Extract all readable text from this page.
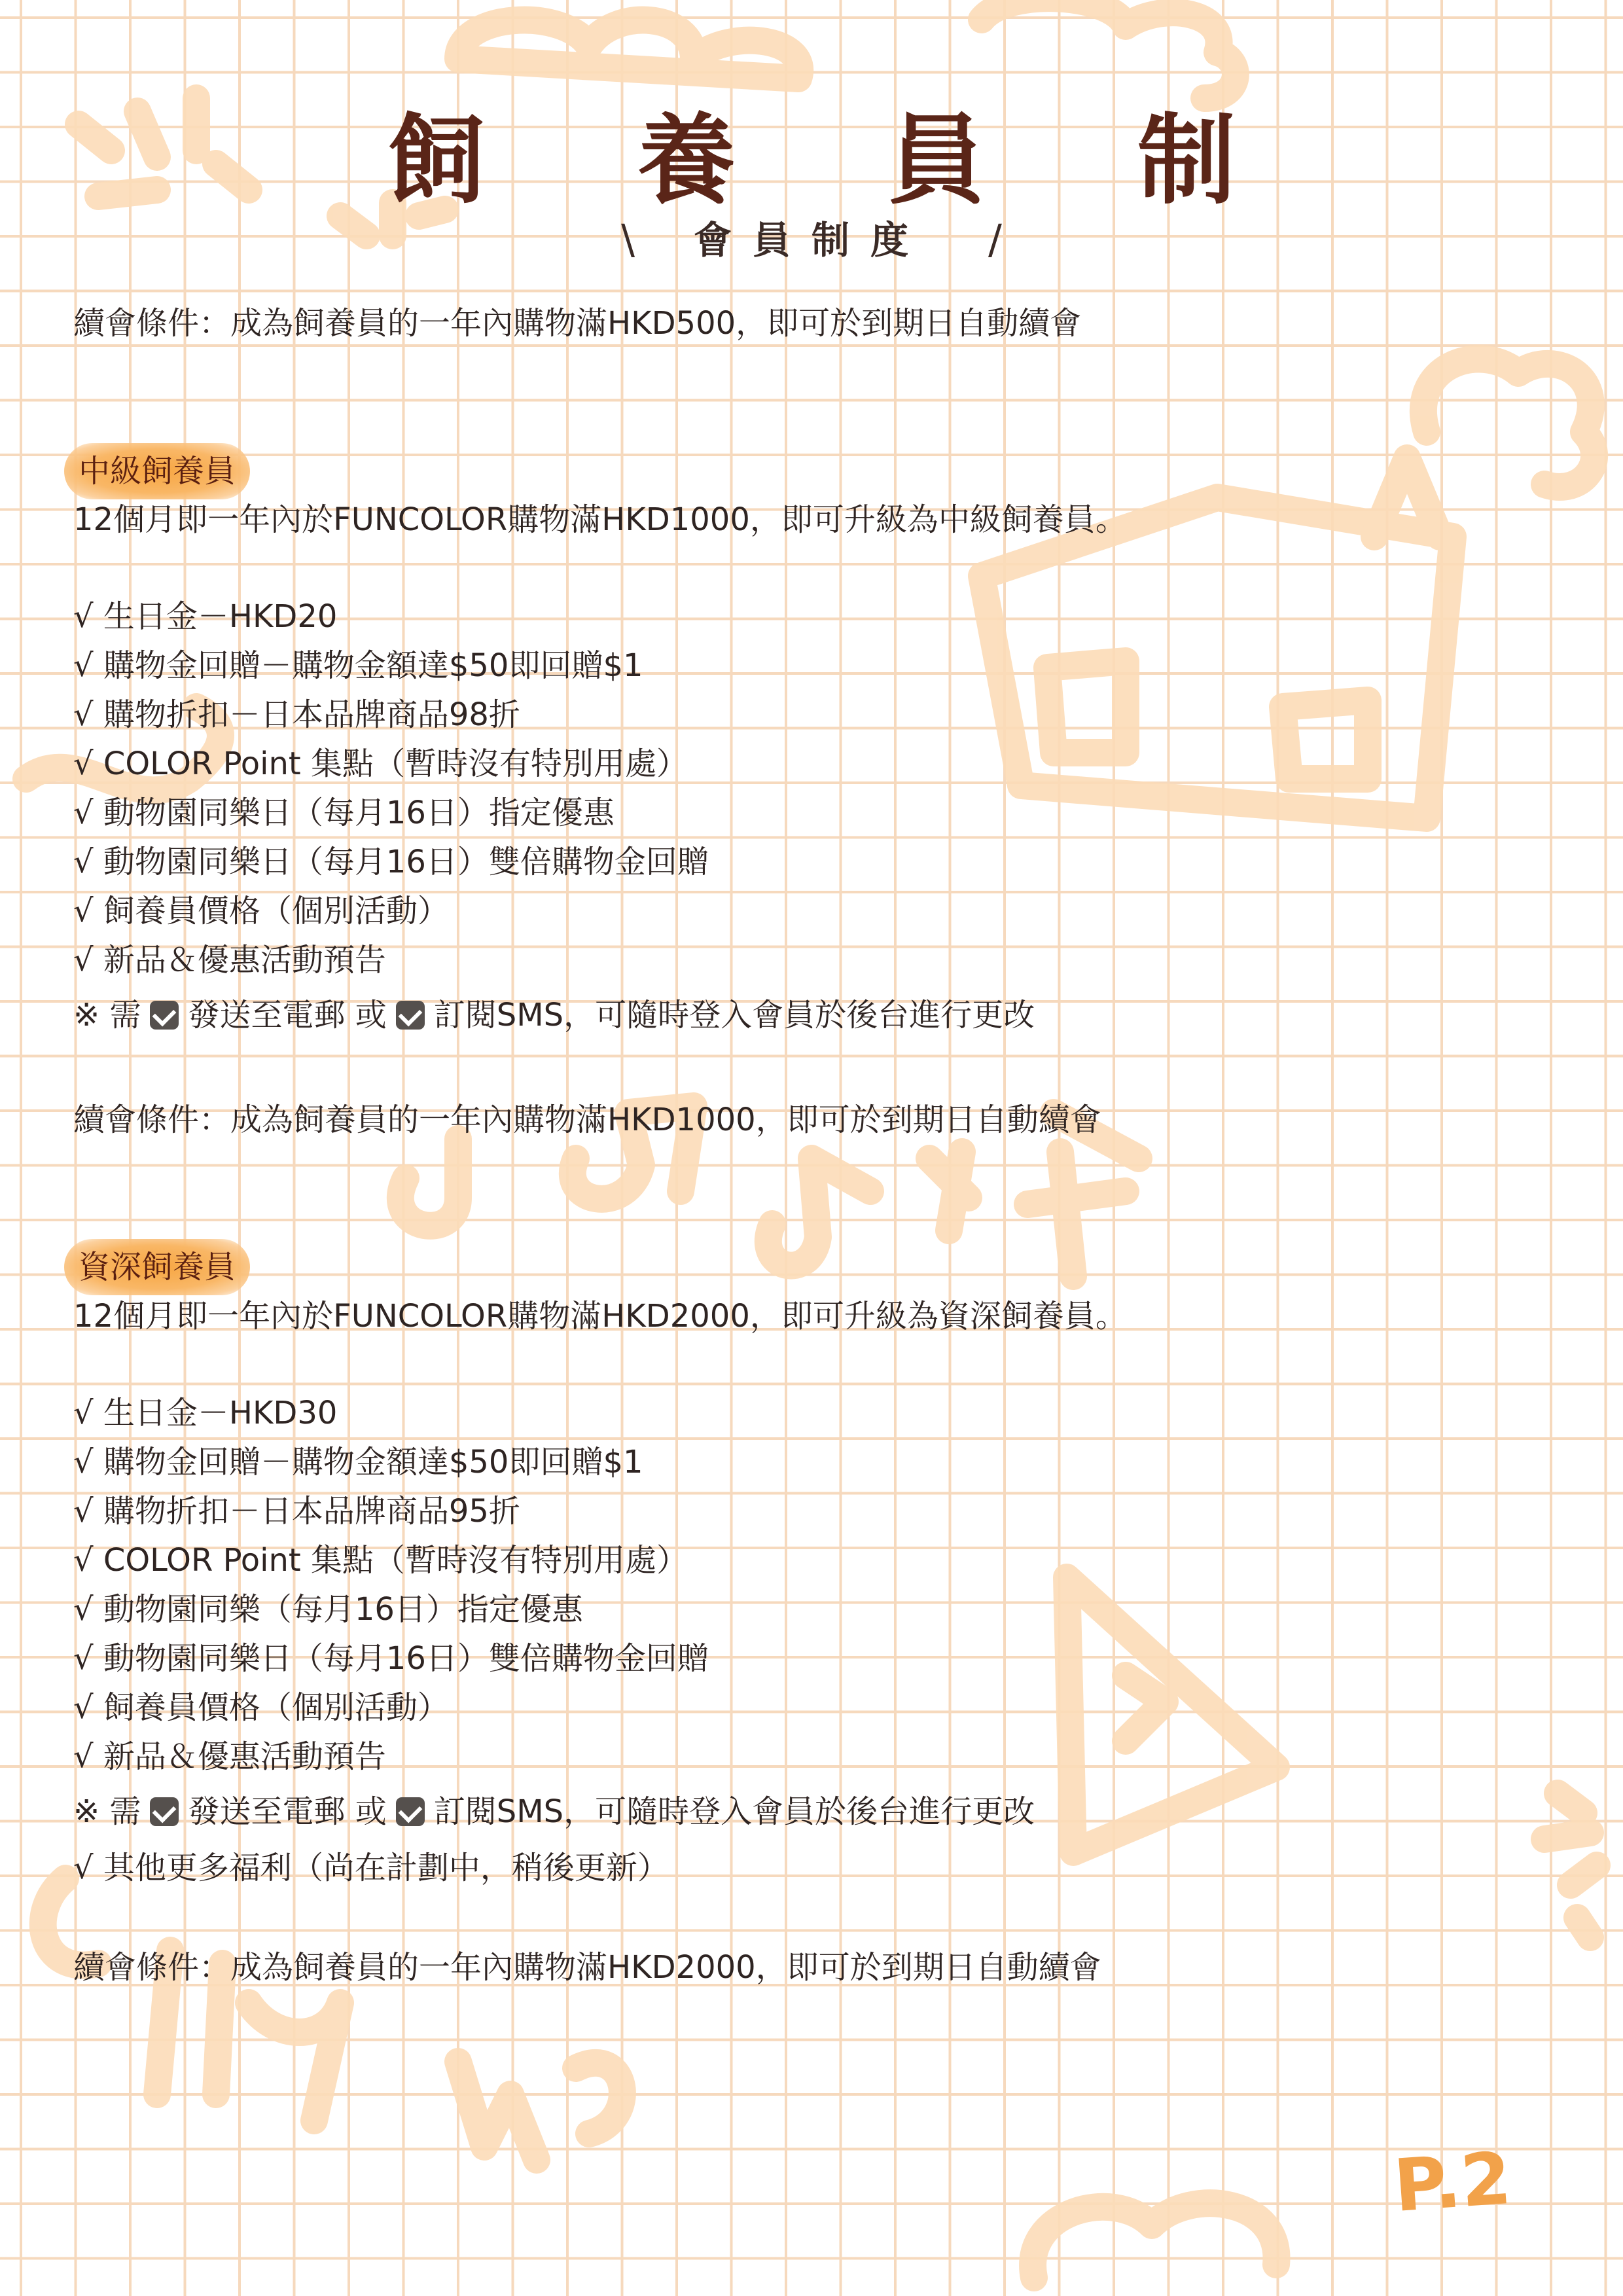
飼 養 員 制
\ 會員制度 /
續會條件：成為飼養員的一年內購物滿HKD500，即可於到期日自動續會
中級飼養員
12個月即一年內於FUNCOLOR購物滿HKD1000，即可升級為中級飼養員。
√ 生日金－HKD20
√ 購物金回贈－購物金額達$50即回贈$1
√ 購物折扣－日本品牌商品98折
√ COLOR Point 集點（暫時沒有特別用處）
√ 動物園同樂日（每月16日）指定優惠
√ 動物園同樂日（每月16日）雙倍購物金回贈
√ 飼養員價格（個別活動）
√ 新品＆優惠活動預告
※ 需 發送至電郵 或 訂閱SMS，可隨時登入會員於後台進行更改
續會條件：成為飼養員的一年內購物滿HKD1000，即可於到期日自動續會
資深飼養員
12個月即一年內於FUNCOLOR購物滿HKD2000，即可升級為資深飼養員。
√ 生日金－HKD30
√ 購物金回贈－購物金額達$50即回贈$1
√ 購物折扣－日本品牌商品95折
√ COLOR Point 集點（暫時沒有特別用處）
√ 動物園同樂（每月16日）指定優惠
√ 動物園同樂日（每月16日）雙倍購物金回贈
√ 飼養員價格（個別活動）
√ 新品＆優惠活動預告
※ 需 發送至電郵 或 訂閱SMS，可隨時登入會員於後台進行更改
√ 其他更多福利（尚在計劃中，稍後更新）
續會條件：成為飼養員的一年內購物滿HKD2000，即可於到期日自動續會
P.2
